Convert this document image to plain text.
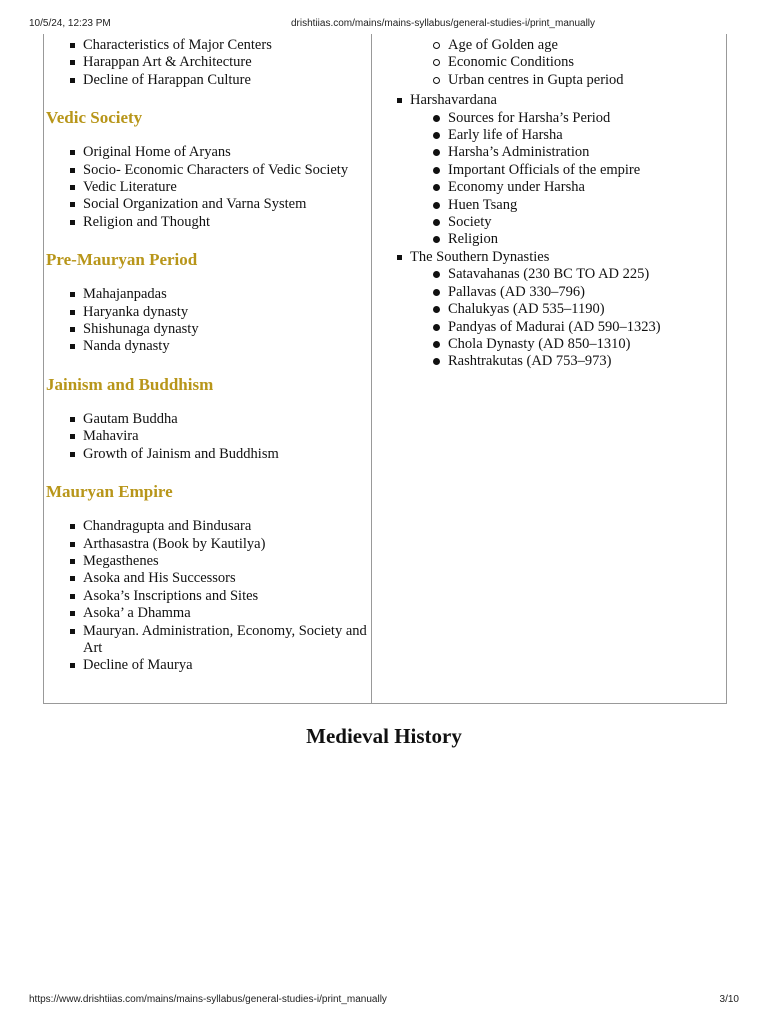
10/5/24, 12:23 PM	drishtiias.com/mains/mains-syllabus/general-studies-i/print_manually
Characteristics of Major Centers
Harappan Art & Architecture
Decline of Harappan Culture
Vedic Society
Original Home of Aryans
Socio- Economic Characters of Vedic Society
Vedic Literature
Social Organization and Varna System
Religion and Thought
Pre-Mauryan Period
Mahajanpadas
Haryanka dynasty
Shishunaga dynasty
Nanda dynasty
Jainism and Buddhism
Gautam Buddha
Mahavira
Growth of Jainism and Buddhism
Mauryan Empire
Chandragupta and Bindusara
Arthasastra (Book by Kautilya)
Megasthenes
Asoka and His Successors
Asoka’s Inscriptions and Sites
Asoka’ a Dhamma
Mauryan. Administration, Economy, Society and Art
Decline of Maurya
Age of Golden age
Economic Conditions
Urban centres in Gupta period
Harshavardana
Sources for Harsha’s Period
Early life of Harsha
Harsha’s Administration
Important Officials of the empire
Economy under Harsha
Huen Tsang
Society
Religion
The Southern Dynasties
Satavahanas (230 BC TO AD 225)
Pallavas (AD 330–796)
Chalukyas (AD 535–1190)
Pandyas of Madurai (AD 590–1323)
Chola Dynasty (AD 850–1310)
Rashtrakutas (AD 753–973)
Medieval History
https://www.drishtiias.com/mains/mains-syllabus/general-studies-i/print_manually	3/10
